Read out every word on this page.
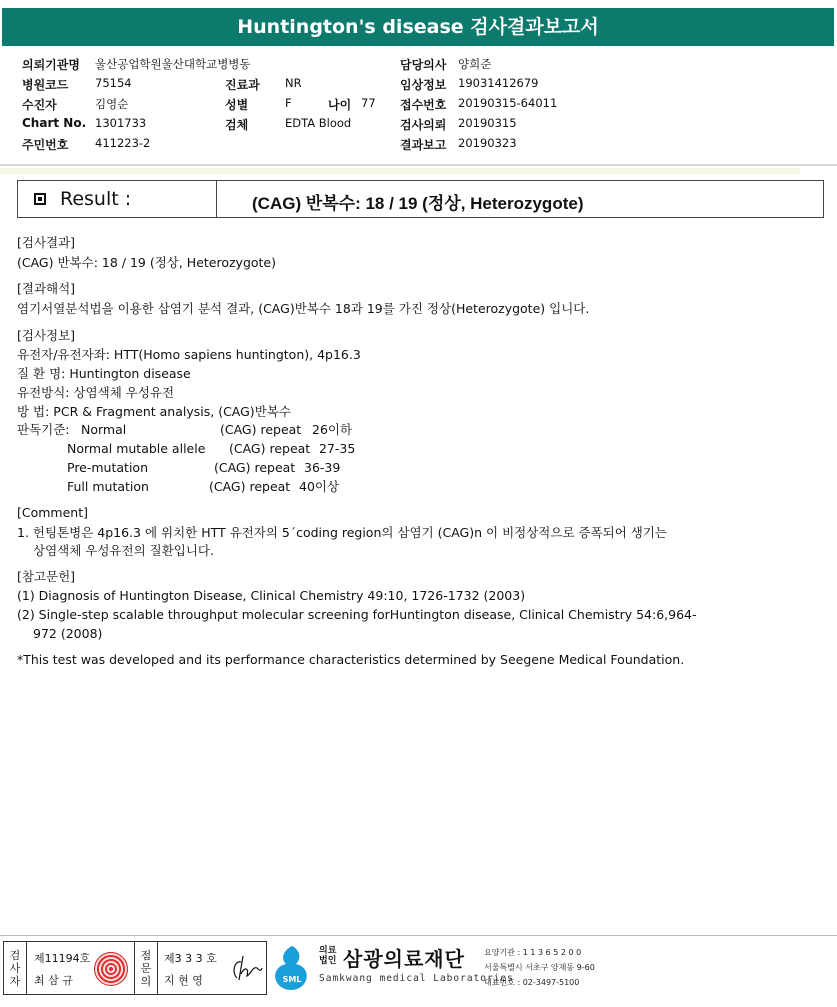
Huntington's disease 검사결과보고서
의뢰기관명 울산공업학원울산대학교병병동
병원코드 75154	진료과 NR
수진자	김영순	성별	F	나이 77
Chart No. 1301733	검체	EDTA Blood
주민번호 411223-2
담당의사 양희준
임상정보 19031412679
접수번호 20190315-64011
검사의뢰 20190315
결과보고 20190323
Result :	(CAG) 반복수: 18 / 19 (정상, Heterozygote)
[검사결과]
(CAG) 반복수: 18 / 19 (정상, Heterozygote)
[결과해석]
염기서열분석법을 이용한 삼염기 분석 결과, (CAG)반복수 18과 19를 가진 정상(Heterozygote) 입니다.
[검사정보]
유전자/유전자좌: HTT(Homo sapiens huntington), 4p16.3
질 환 명: Huntington disease
유전방식: 상염색체 우성유전
방 법: PCR & Fragment analysis, (CAG)반복수
판독기준: Normal	(CAG) repeat 26이하
Normal mutable allele (CAG) repeat 27-35
Pre-mutation	(CAG) repeat 36-39
Full mutation	(CAG) repeat 40이상
[Comment]
1. 헌팅톤병은 4p16.3 에 위치한 HTT 유전자의 5´coding region의 삼염기 (CAG)n 이 비정상적으로 증폭되어 생기는
상염색체 우성유전의 질환입니다.
[참고문헌]
(1) Diagnosis of Huntington Disease, Clinical Chemistry 49:10, 1726-1732 (2003)
(2) Single-step scalable throughput molecular screening forHuntington disease, Clinical Chemistry 54:6,964-
972 (2008)
*This test was developed and its performance characteristics determined by Seegene Medical Foundation.
검
사
자
제11194호
최 삼 규
점
문
의
제3 3 3 호
지 현 영	SML
의료
법인 삼광의료재단
Samkwang medical Laboratories
요양기관 : 1 1 3 6 5 2 0 0
서울특별시 서초구 양재동 9-60
대표번호 : 02-3497-5100
